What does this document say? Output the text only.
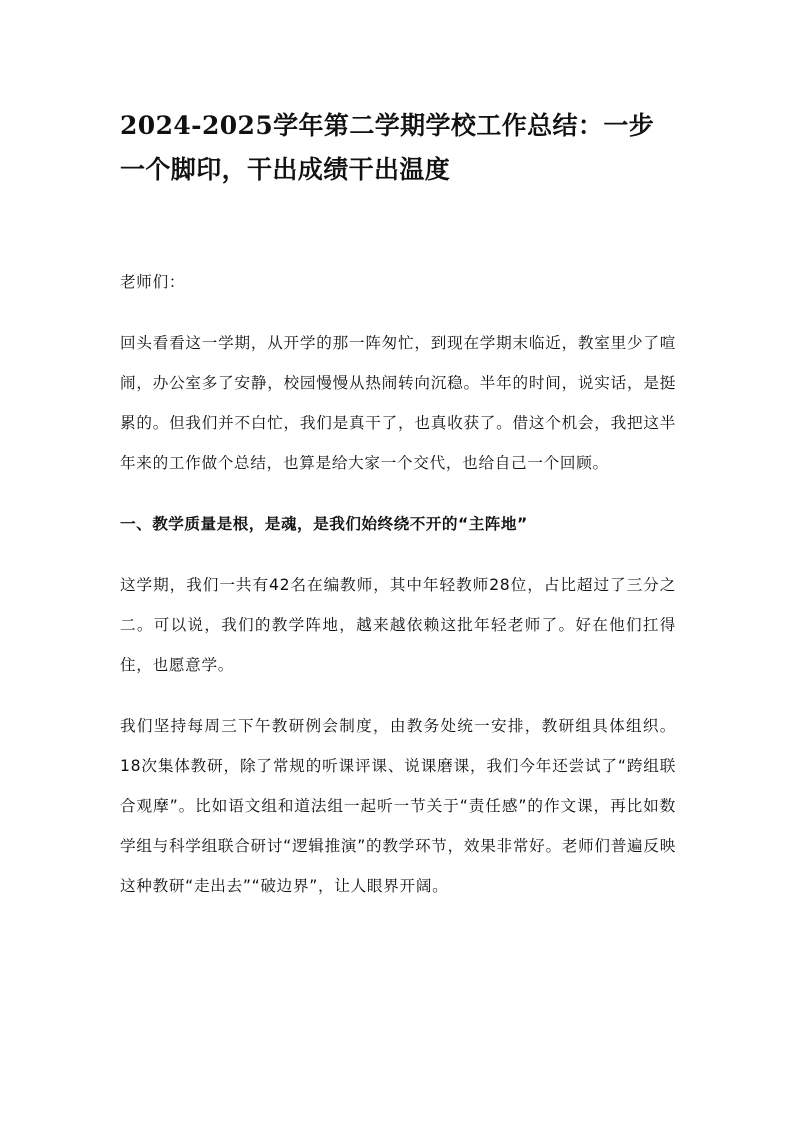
2024-2025学年第二学期学校工作总结：一步一个脚印，干出成绩干出温度

老师们：

回头看看这一学期，从开学的那一阵匆忙，到现在学期末临近，教室里少了喧闹，办公室多了安静，校园慢慢从热闹转向沉稳。半年的时间，说实话，是挺累的。但我们并不白忙，我们是真干了，也真收获了。借这个机会，我把这半年来的工作做个总结，也算是给大家一个交代，也给自己一个回顾。

一、教学质量是根，是魂，是我们始终绕不开的“主阵地”

这学期，我们一共有42名在编教师，其中年轻教师28位，占比超过了三分之二。可以说，我们的教学阵地，越来越依赖这批年轻老师了。好在他们扛得住，也愿意学。

我们坚持每周三下午教研例会制度，由教务处统一安排，教研组具体组织。18次集体教研，除了常规的听课评课、说课磨课，我们今年还尝试了“跨组联合观摩”。比如语文组和道法组一起听一节关于“责任感”的作文课，再比如数学组与科学组联合研讨“逻辑推演”的教学环节，效果非常好。老师们普遍反映这种教研“走出去”“破边界”，让人眼界开阔。
